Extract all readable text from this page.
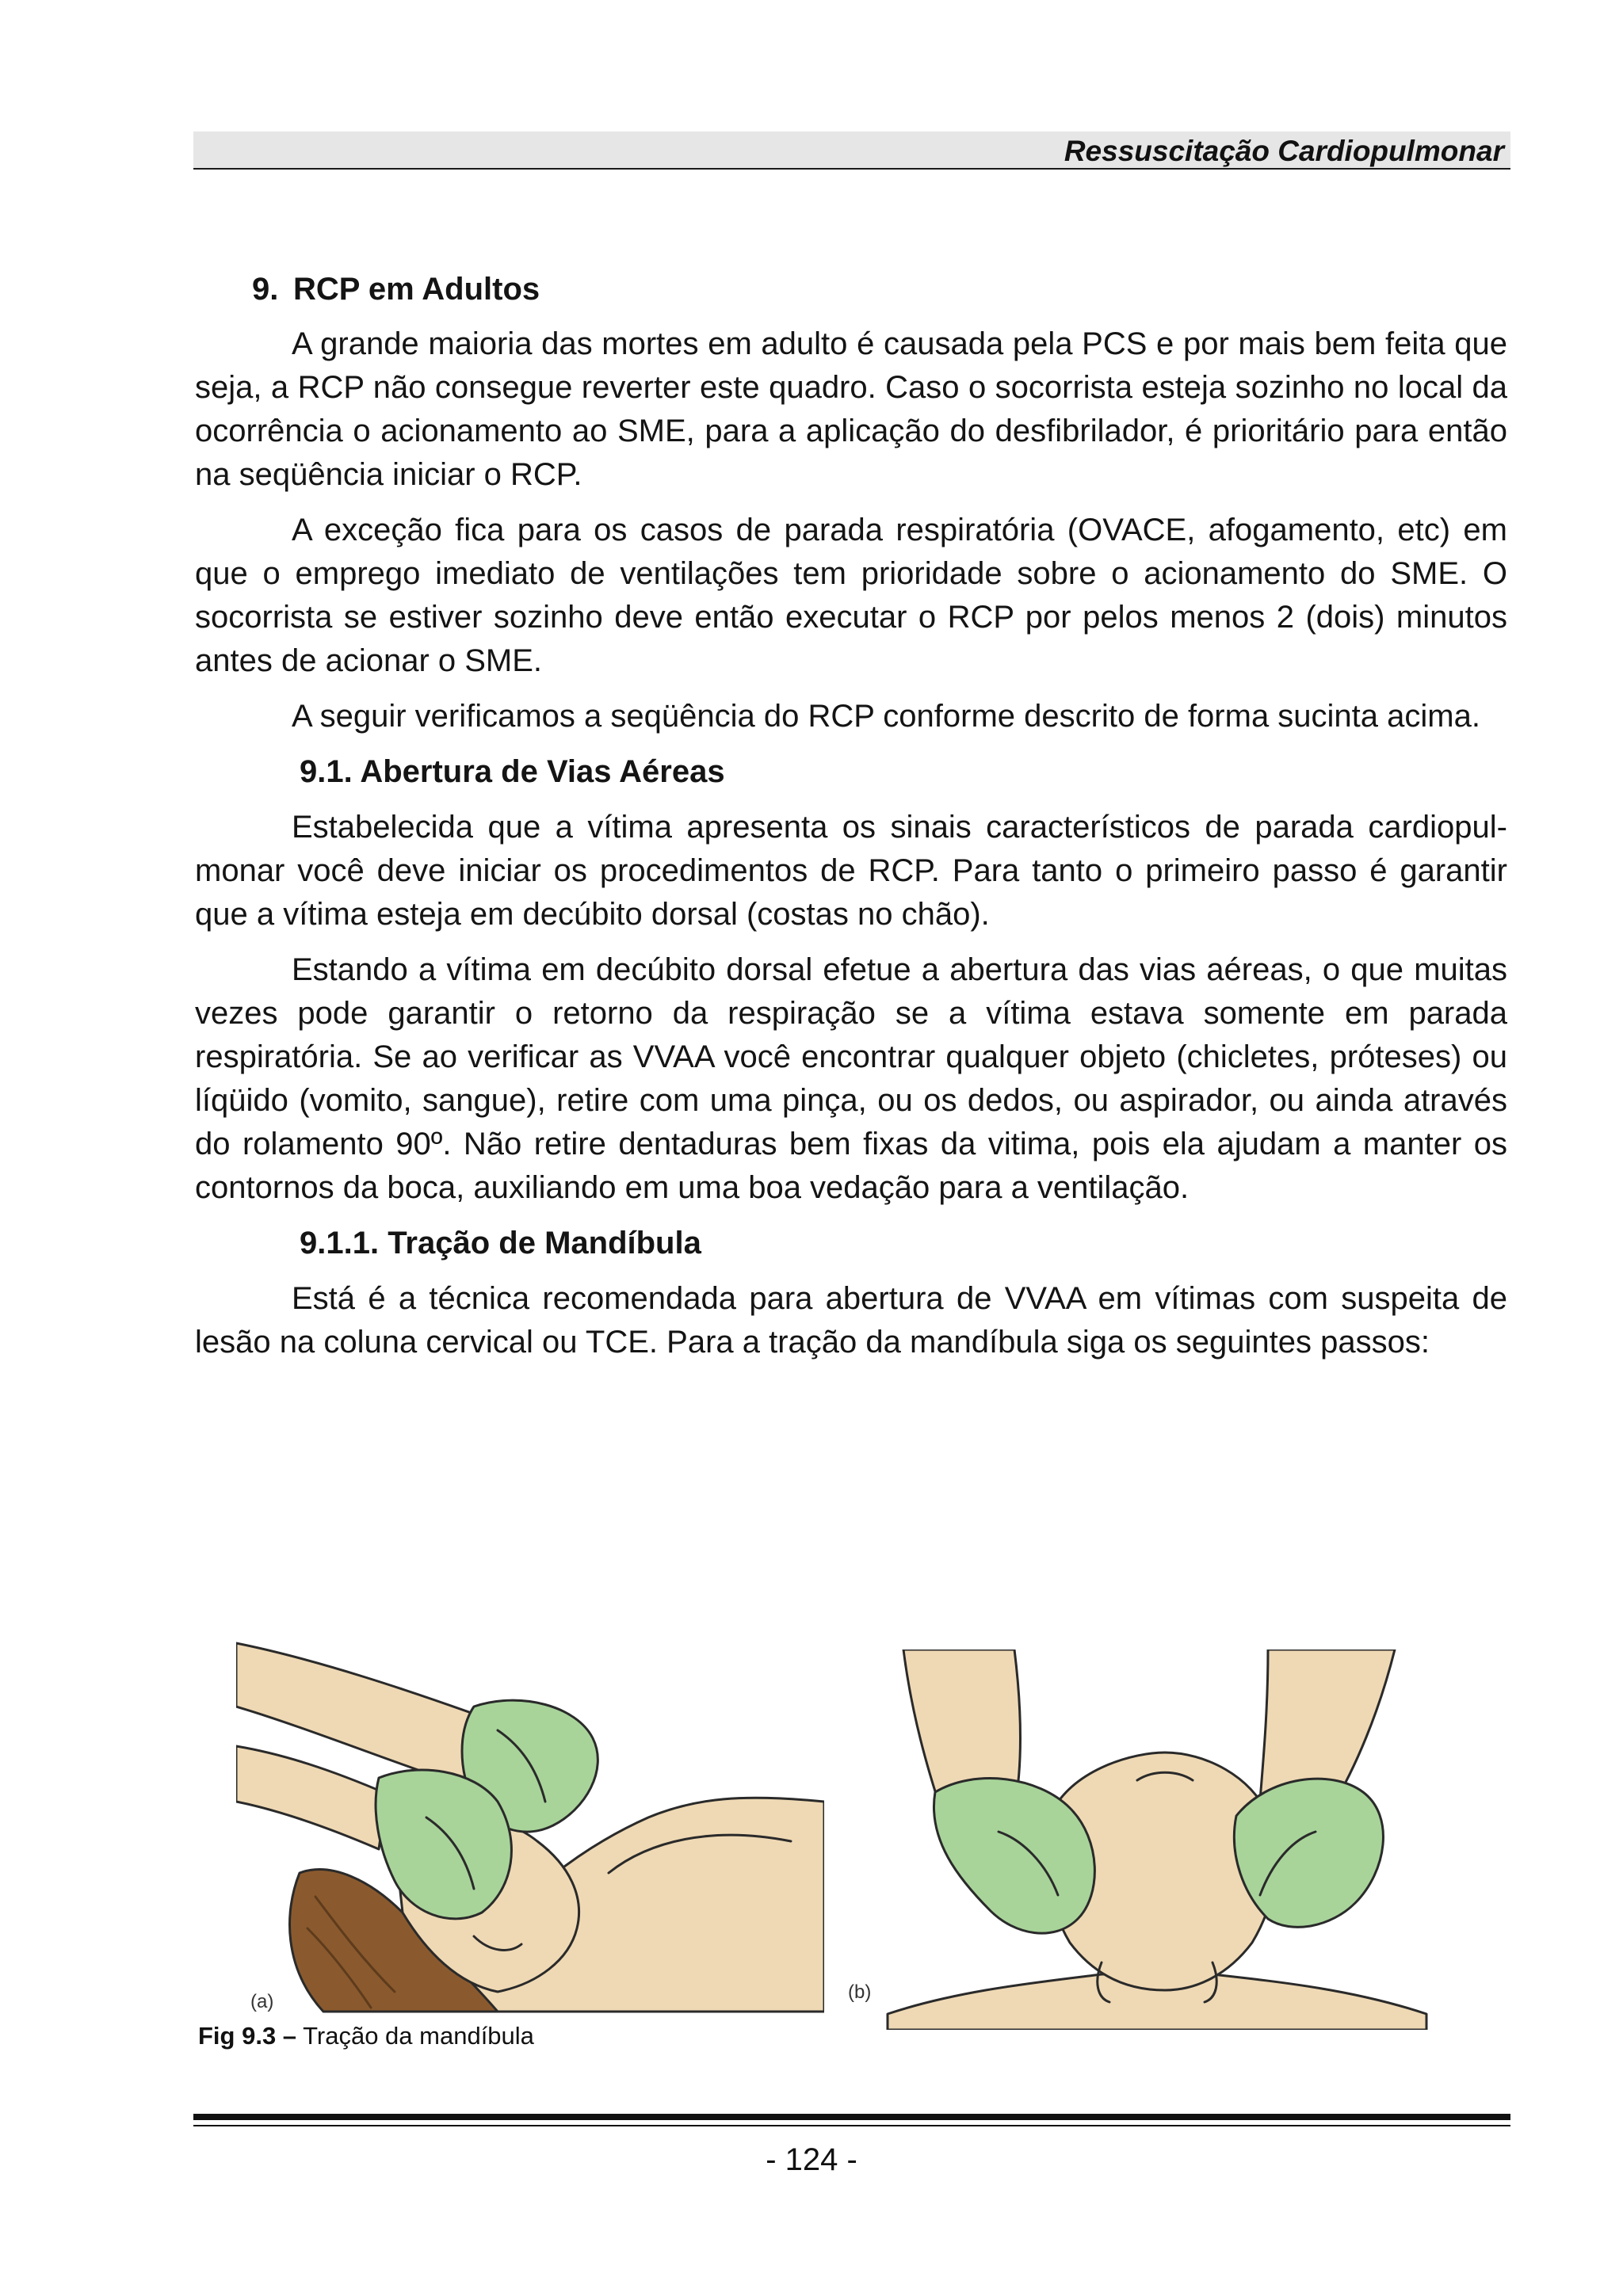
Ressuscitação Cardiopulmonar
9. RCP em Adultos

A grande maioria das mortes em adulto é causada pela PCS e por mais bem feita que seja, a RCP não consegue reverter este quadro. Caso o socorrista esteja sozinho no local da ocorrência o acionamento ao SME, para a aplicação do desfibrilador, é prioritário para então na seqüência iniciar o RCP.

A exceção fica para os casos de parada respiratória (OVACE, afogamento, etc) em que o emprego imediato de ventilações tem prioridade sobre o acionamento do SME. O socorrista se estiver sozinho deve então executar o RCP por pelos menos 2 (dois) minutos antes de acionar o SME.

A seguir verificamos a seqüência do RCP conforme descrito de forma sucinta acima.

9.1. Abertura de Vias Aéreas

Estabelecida que a vítima apresenta os sinais característicos de parada cardiopulmonar você deve iniciar os procedimentos de RCP. Para tanto o primeiro passo é garantir que a vítima esteja em decúbito dorsal (costas no chão).

Estando a vítima em decúbito dorsal efetue a abertura das vias aéreas, o que muitas vezes pode garantir o retorno da respiração se a vítima estava somente em parada respiratória. Se ao verificar as VVAA você encontrar qualquer objeto (chicletes, próteses) ou líqüido (vomito, sangue), retire com uma pinça, ou os dedos, ou aspirador, ou ainda através do rolamento 90º. Não retire dentaduras bem fixas da vitima, pois ela ajudam a manter os contornos da boca, auxiliando em uma boa vedação para a ventilação.

9.1.1. Tração de Mandíbula

Está é a técnica recomendada para abertura de VVAA em vítimas com suspeita de lesão na coluna cervical ou TCE. Para a tração da mandíbula siga os seguintes passos:

(a)	(b)
Fig 9.3 – Tração da mandíbula
- 124 -
